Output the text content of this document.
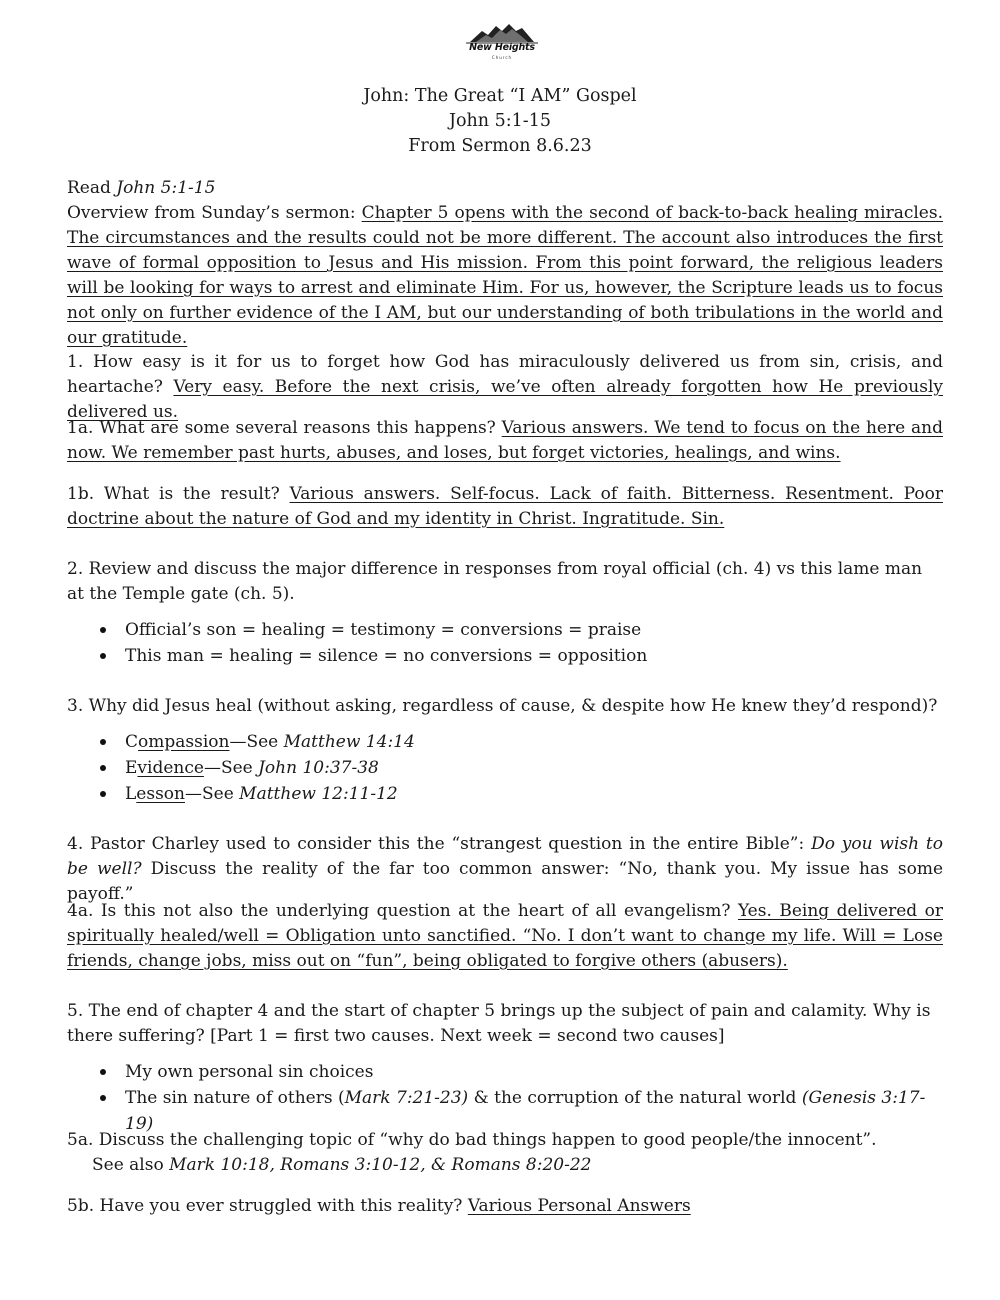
New Heights
Church
John: The Great “I AM” Gospel
John 5:1-15
From Sermon 8.6.23
Read John 5:1-15
Overview from Sunday’s sermon: Chapter 5 opens with the second of back-to-back healing miracles. The circumstances and the results could not be more different. The account also introduces the first wave of formal opposition to Jesus and His mission. From this point forward, the religious leaders will be looking for ways to arrest and eliminate Him. For us, however, the Scripture leads us to focus not only on further evidence of the I AM, but our understanding of both tribulations in the world and our gratitude.
1. How easy is it for us to forget how God has miraculously delivered us from sin, crisis, and heartache? Very easy. Before the next crisis, we’ve often already forgotten how He previously delivered us.
1a. What are some several reasons this happens? Various answers. We tend to focus on the here and now. We remember past hurts, abuses, and loses, but forget victories, healings, and wins.
1b. What is the result? Various answers. Self-focus. Lack of faith. Bitterness. Resentment. Poor doctrine about the nature of God and my identity in Christ. Ingratitude. Sin.
2. Review and discuss the major difference in responses from royal official (ch. 4) vs this lame man at the Temple gate (ch. 5).
Official’s son = healing = testimony = conversions = praise
This man = healing = silence = no conversions = opposition
3. Why did Jesus heal (without asking, regardless of cause, & despite how He knew they’d respond)?
Compassion—See Matthew 14:14
Evidence—See John 10:37-38
Lesson—See Matthew 12:11-12
4. Pastor Charley used to consider this the “strangest question in the entire Bible”: Do you wish to be well? Discuss the reality of the far too common answer: “No, thank you. My issue has some payoff.”
4a. Is this not also the underlying question at the heart of all evangelism? Yes. Being delivered or spiritually healed/well = Obligation unto sanctified. “No. I don’t want to change my life. Will = Lose friends, change jobs, miss out on “fun”, being obligated to forgive others (abusers).
5. The end of chapter 4 and the start of chapter 5 brings up the subject of pain and calamity. Why is there suffering? [Part 1 = first two causes. Next week = second two causes]
My own personal sin choices
The sin nature of others (Mark 7:21-23) & the corruption of the natural world (Genesis 3:17-19)
5a. Discuss the challenging topic of “why do bad things happen to good people/the innocent”.
See also Mark 10:18, Romans 3:10-12, & Romans 8:20-22
5b. Have you ever struggled with this reality? Various Personal Answers
